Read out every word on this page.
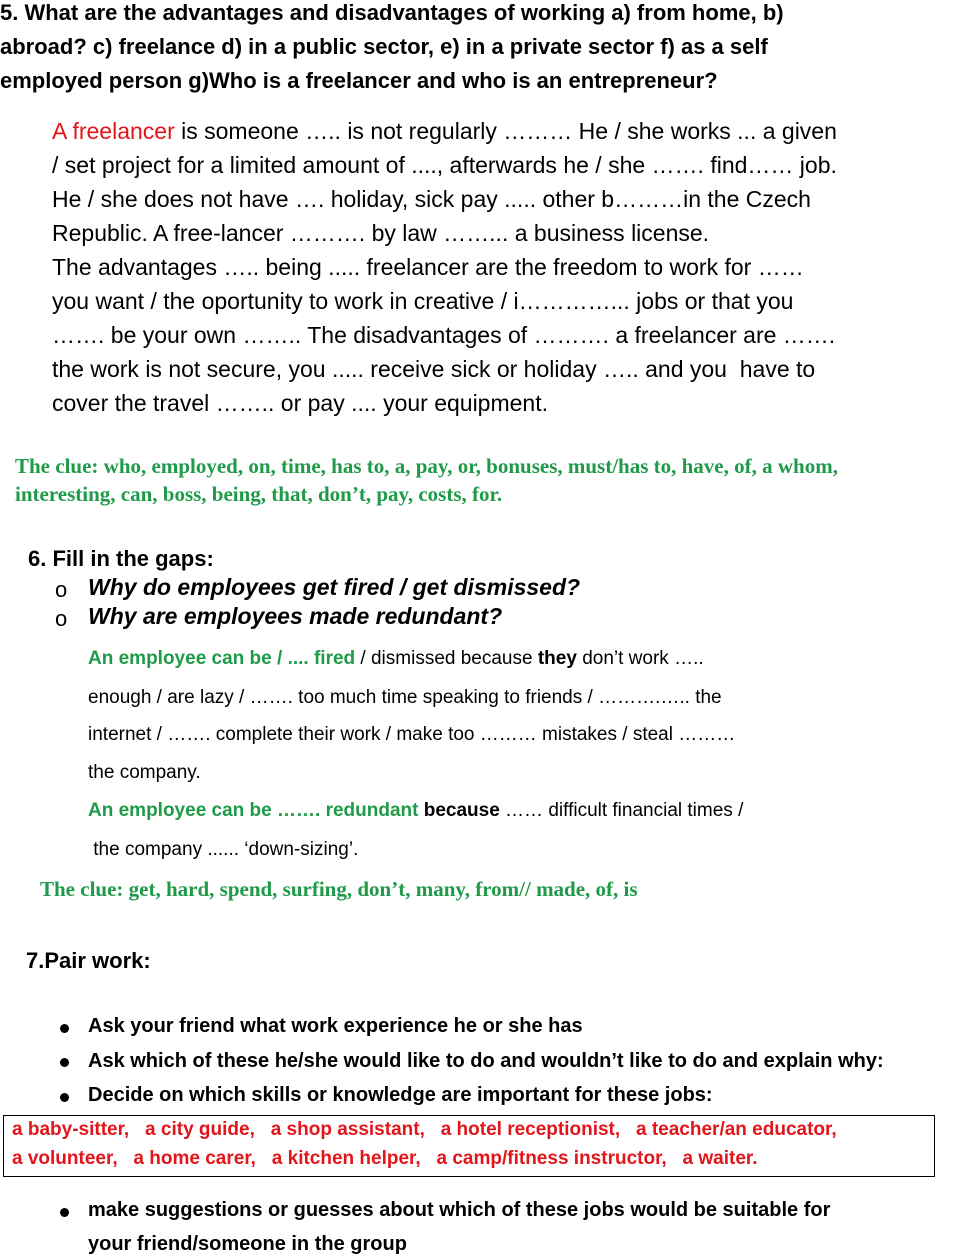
5. What are the advantages and disadvantages of working a) from home, b)
abroad? c) freelance d) in a public sector, e) in a private sector f) as a self
employed person g)Who is a freelancer and who is an entrepreneur?
A freelancer is someone ….. is not regularly ……… He / she works ... a given
/ set project for a limited amount of ...., afterwards he / she ……. find…… job.
He / she does not have …. holiday, sick pay ..... other b………in the Czech
Republic. A free-lancer ………. by law ……... a business license.
The advantages ….. being ..... freelancer are the freedom to work for ……
you want / the oportunity to work in creative / i…………... jobs or that you
……. be your own …….. The disadvantages of ………. a freelancer are …….
the work is not secure, you ..... receive sick or holiday ….. and you  have to
cover the travel …….. or pay .... your equipment.
The clue: who, employed, on, time, has to, a, pay, or, bonuses, must/has to, have, of, a whom,
interesting, can, boss, being, that, don’t, pay, costs, for.
6. Fill in the gaps:
o Why do employees get fired / get dismissed?
o Why are employees made redundant?
An employee can be / .... fired / dismissed because they don’t work …..
enough / are lazy / ……. too much time speaking to friends / ……….….. the
internet / ……. complete their work / make too ……… mistakes / steal ………
the company.
An employee can be ……. redundant because …… difficult financial times /
the company ...... ‘down-sizing’.
The clue: get, hard, spend, surfing, don’t, many, from// made, of, is
7.Pair work:
Ask your friend what work experience he or she has
Ask which of these he/she would like to do and wouldn’t like to do and explain why:
Decide on which skills or knowledge are important for these jobs:
a baby-sitter,   a city guide,   a shop assistant,   a hotel receptionist,   a teacher/an educator,
a volunteer,   a home carer,   a kitchen helper,   a camp/fitness instructor,   a waiter.
make suggestions or guesses about which of these jobs would be suitable for
your friend/someone in the group
